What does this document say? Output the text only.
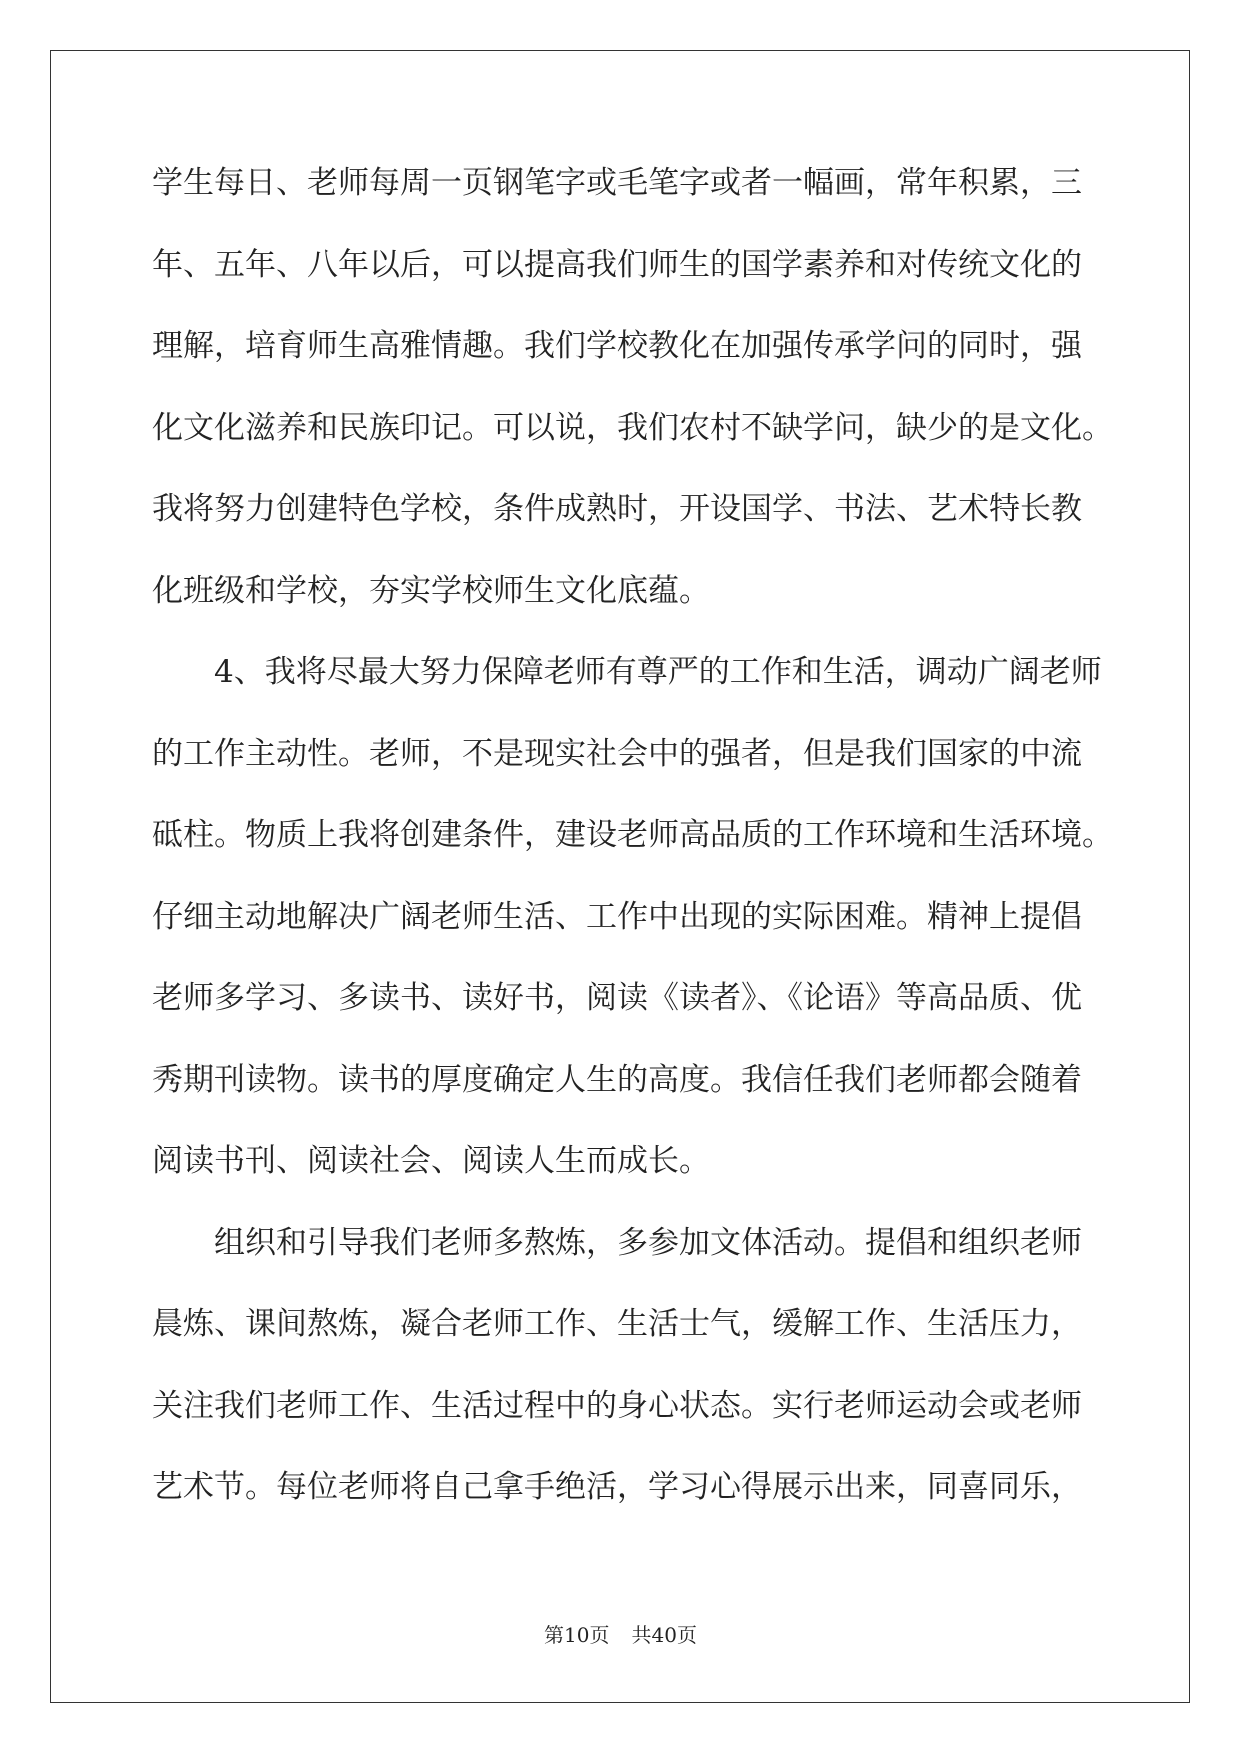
学生每日、老师每周一页钢笔字或毛笔字或者一幅画，常年积累，三
年、五年、八年以后，可以提高我们师生的国学素养和对传统文化的
理解，培育师生高雅情趣。我们学校教化在加强传承学问的同时，强
化文化滋养和民族印记。可以说，我们农村不缺学问，缺少的是文化。
我将努力创建特色学校，条件成熟时，开设国学、书法、艺术特长教
化班级和学校，夯实学校师生文化底蕴。
4、我将尽最大努力保障老师有尊严的工作和生活，调动广阔老师
的工作主动性。老师，不是现实社会中的强者，但是我们国家的中流
砥柱。物质上我将创建条件，建设老师高品质的工作环境和生活环境。
仔细主动地解决广阔老师生活、工作中出现的实际困难。精神上提倡
老师多学习、多读书、读好书，阅读《读者》、《论语》等高品质、优
秀期刊读物。读书的厚度确定人生的高度。我信任我们老师都会随着
阅读书刊、阅读社会、阅读人生而成长。
组织和引导我们老师多熬炼，多参加文体活动。提倡和组织老师
晨炼、课间熬炼，凝合老师工作、生活士气，缓解工作、生活压力，
关注我们老师工作、生活过程中的身心状态。实行老师运动会或老师
艺术节。每位老师将自己拿手绝活，学习心得展示出来，同喜同乐，
第10页 共40页
